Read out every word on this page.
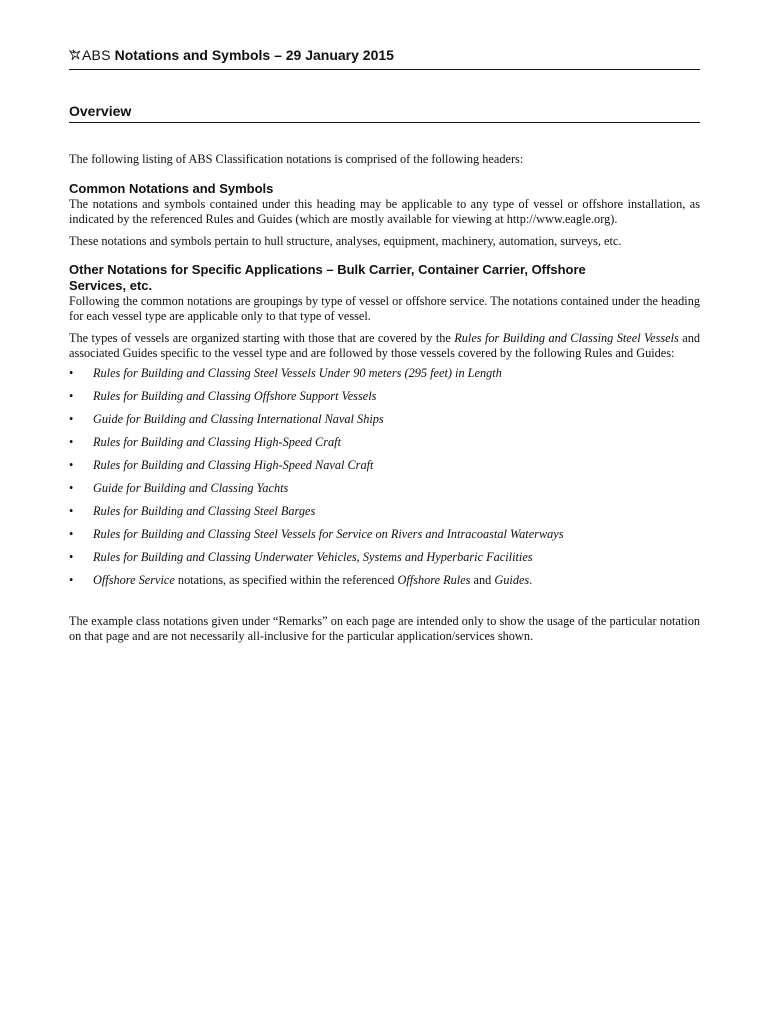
ABS Notations and Symbols – 29 January 2015
Overview

The following listing of ABS Classification notations is comprised of the following headers:

Common Notations and Symbols

The notations and symbols contained under this heading may be applicable to any type of vessel or offshore installation, as indicated by the referenced Rules and Guides (which are mostly available for viewing at http://www.eagle.org).

These notations and symbols pertain to hull structure, analyses, equipment, machinery, automation, surveys, etc.

Other Notations for Specific Applications – Bulk Carrier, Container Carrier, Offshore
Services, etc.

Following the common notations are groupings by type of vessel or offshore service. The notations contained under the heading for each vessel type are applicable only to that type of vessel.

The types of vessels are organized starting with those that are covered by the Rules for Building and Classing Steel Vessels and associated Guides specific to the vessel type and are followed by those vessels covered by the following Rules and Guides:

• Rules for Building and Classing Steel Vessels Under 90 meters (295 feet) in Length
• Rules for Building and Classing Offshore Support Vessels
• Guide for Building and Classing International Naval Ships
• Rules for Building and Classing High-Speed Craft
• Rules for Building and Classing High-Speed Naval Craft
• Guide for Building and Classing Yachts
• Rules for Building and Classing Steel Barges
• Rules for Building and Classing Steel Vessels for Service on Rivers and Intracoastal Waterways
• Rules for Building and Classing Underwater Vehicles, Systems and Hyperbaric Facilities
• Offshore Service notations, as specified within the referenced Offshore Rules and Guides.

The example class notations given under “Remarks” on each page are intended only to show the usage of the particular notation on that page and are not necessarily all-inclusive for the particular application/services shown.
